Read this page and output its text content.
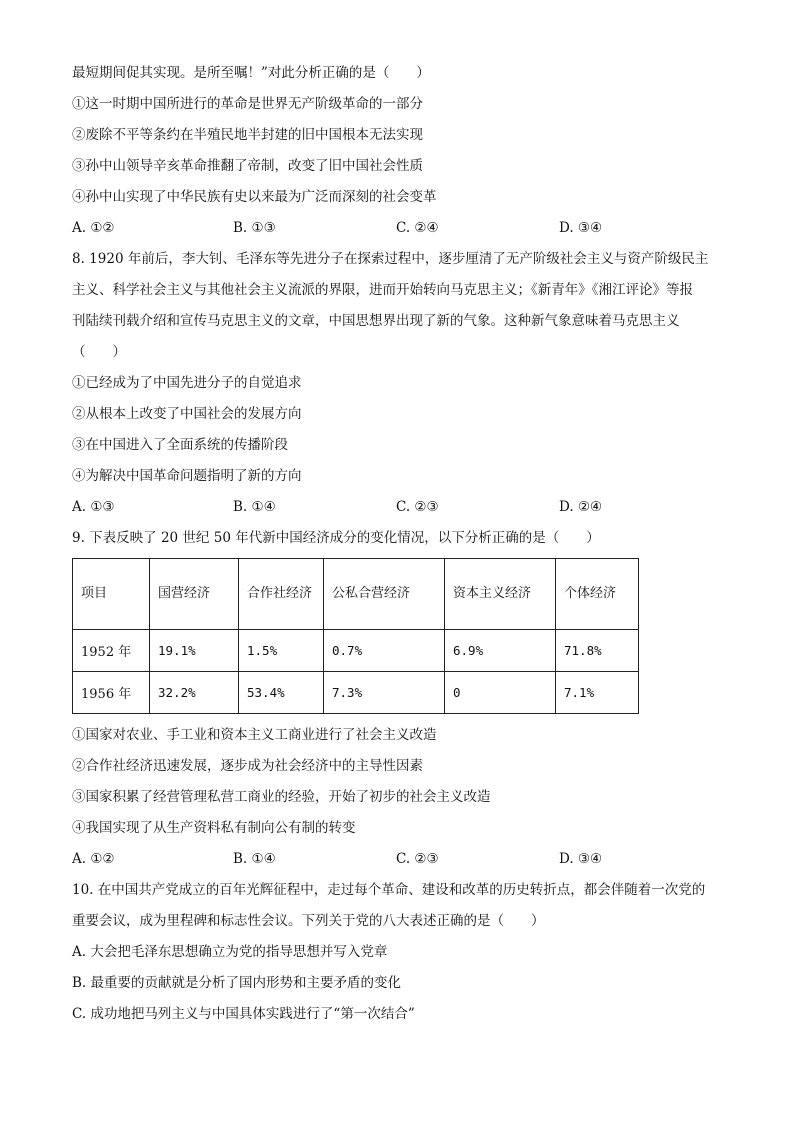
最短期间促其实现。是所至嘱！”对此分析正确的是（　　）
①这一时期中国所进行的革命是世界无产阶级革命的一部分
②废除不平等条约在半殖民地半封建的旧中国根本无法实现
③孙中山领导辛亥革命推翻了帝制，改变了旧中国社会性质
④孙中山实现了中华民族有史以来最为广泛而深刻的社会变革
A. ①②	B. ①③	C. ②④	D. ③④
8. 1920 年前后，李大钊、毛泽东等先进分子在探索过程中，逐步厘清了无产阶级社会主义与资产阶级民主
主义、科学社会主义与其他社会主义流派的界限，进而开始转向马克思主义；《新青年》《湘江评论》等报
刊陆续刊载介绍和宣传马克思主义的文章，中国思想界出现了新的气象。这种新气象意味着马克思主义
（　　）
①已经成为了中国先进分子的自觉追求
②从根本上改变了中国社会的发展方向
③在中国进入了全面系统的传播阶段
④为解决中国革命问题指明了新的方向
A. ①③	B. ①④	C. ②③	D. ②④
9. 下表反映了 20 世纪 50 年代新中国经济成分的变化情况，以下分析正确的是（　　）
项目	国营经济	合作社经济	公私合营经济	资本主义经济	个体经济
1952 年	19.1%	1.5%	0.7%	6.9%	71.8%
1956 年	32.2%	53.4%	7.3%	0	7.1%
①国家对农业、手工业和资本主义工商业进行了社会主义改造
②合作社经济迅速发展，逐步成为社会经济中的主导性因素
③国家积累了经营管理私营工商业的经验，开始了初步的社会主义改造
④我国实现了从生产资料私有制向公有制的转变
A. ①②	B. ①④	C. ②③	D. ③④
10. 在中国共产党成立的百年光辉征程中，走过每个革命、建设和改革的历史转折点，都会伴随着一次党的
重要会议，成为里程碑和标志性会议。下列关于党的八大表述正确的是（　　）
A. 大会把毛泽东思想确立为党的指导思想并写入党章
B. 最重要的贡献就是分析了国内形势和主要矛盾的变化
C. 成功地把马列主义与中国具体实践进行了“第一次结合”
